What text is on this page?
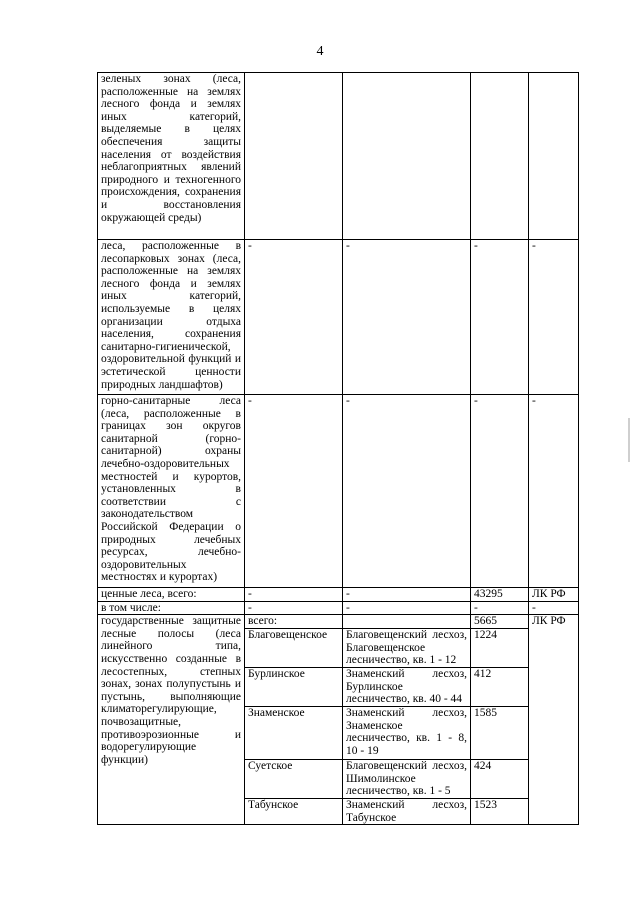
4
зеленых зонах (леса, расположенные на землях лесного фонда и землях иных категорий, выделяемые в целях обеспечения защиты населения от воздействия неблагоприятных явлений природного и техногенного происхождения, сохранения и восстановления окружающей среды)				
леса, расположенные в лесопарковых зонах (леса, расположенные на землях лесного фонда и землях иных категорий, используемые в целях организации отдыха населения, сохранения санитарно-гигиенической, оздоровительной функций и эстетической ценности природных ландшафтов)	-	-	-	-
горно-санитарные леса (леса, расположенные в границах зон округов санитарной (горно-санитарной) охраны лечебно-оздоровительных местностей и курортов, установленных в соответствии с законодательством Российской Федерации о природных лечебных ресурсах, лечебно-оздоровительных местностях и курортах)	-	-	-	-
ценные леса, всего:	-	-	43295	ЛК РФ
в том числе:	-	-	-	-
государственные защитные лесные полосы (леса линейного типа, искусственно созданные в лесостепных, степных зонах, зонах полупустынь и пустынь, выполняющие климаторегулирующие, почвозащитные, противоэрозионные и водорегулирующие функции)	всего:		5665	ЛК РФ
	Благовещенское	Благовещенский лесхоз, Благовещенское лесничество, кв. 1 - 12	1224	
	Бурлинское	Знаменский лесхоз, Бурлинское лесничество, кв. 40 - 44	412	
	Знаменское	Знаменский лесхоз, Знаменское лесничество, кв. 1 - 8, 10 - 19	1585	
	Суетское	Благовещенский лесхоз, Шимолинское лесничество, кв. 1 - 5	424	
	Табунское	Знаменский лесхоз, Табунское	1523	
